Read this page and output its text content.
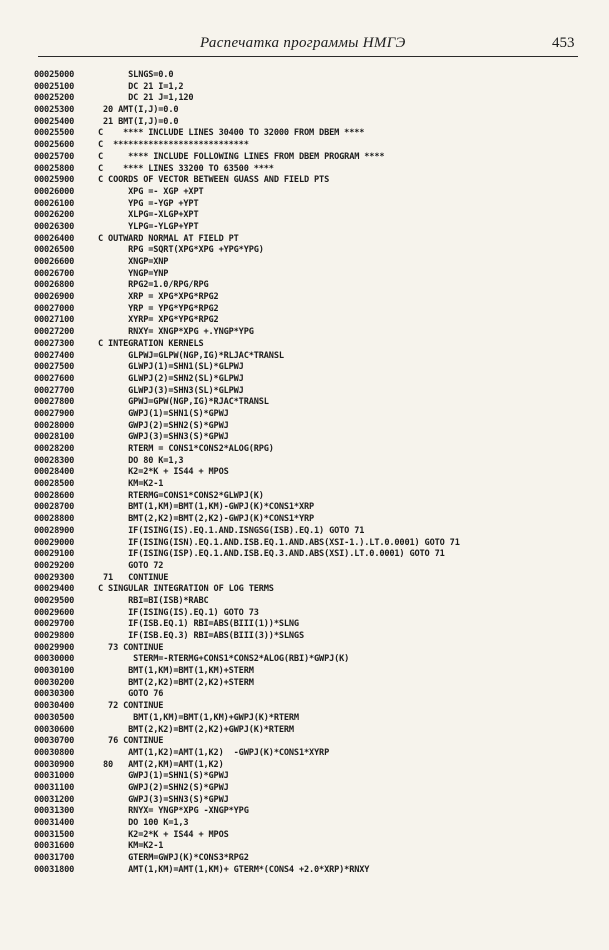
Распечатка программы НМГЭ	453
00025000	SLNGS=0.0
00025100	DC 21 I=1,2
00025200	DC 21 J=1,120
00025300	20 AMT(I,J)=0.0
00025400	21 BMT(I,J)=0.0
00025500	C    **** INCLUDE LINES 30400 TO 32000 FROM DBEM ****
00025600	C  ***************************
00025700	C     **** INCLUDE FOLLOWING LINES FROM DBEM PROGRAM ****
00025800	C    **** LINES 33200 TO 63500 ****
00025900	C COORDS OF VECTOR BETWEEN GUASS AND FIELD PTS
00026000	XPG =- XGP +XPT
00026100	YPG =-YGP +YPT
00026200	XLPG=-XLGP+XPT
00026300	YLPG=-YLGP+YPT
00026400	C OUTWARD NORMAL AT FIELD PT
00026500	RPG =SQRT(XPG*XPG +YPG*YPG)
00026600	XNGP=XNP
00026700	YNGP=YNP
00026800	RPG2=1.0/RPG/RPG
00026900	XRP = XPG*XPG*RPG2
00027000	YRP = YPG*YPG*RPG2
00027100	XYRP= XPG*YPG*RPG2
00027200	RNXY= XNGP*XPG +.YNGP*YPG
00027300	C INTEGRATION KERNELS
00027400	GLPWJ=GLPW(NGP,IG)*RLJAC*TRANSL
00027500	GLWPJ(1)=SHN1(SL)*GLPWJ
00027600	GLWPJ(2)=SHN2(SL)*GLPWJ
00027700	GLWPJ(3)=SHN3(SL)*GLPWJ
00027800	GPWJ=GPW(NGP,IG)*RJAC*TRANSL
00027900	GWPJ(1)=SHN1(S)*GPWJ
00028000	GWPJ(2)=SHN2(S)*GPWJ
00028100	GWPJ(3)=SHN3(S)*GPWJ
00028200	RTERM = CONS1*CONS2*ALOG(RPG)
00028300	DO 80 K=1,3
00028400	K2=2*K + IS44 + MPOS
00028500	KM=K2-1
00028600	RTERMG=CONS1*CONS2*GLWPJ(K)
00028700	BMT(1,KM)=BMT(1,KM)-GWPJ(K)*CONS1*XRP
00028800	BMT(2,K2)=BMT(2,K2)-GWPJ(K)*CONS1*YRP
00028900	IF(ISING(IS).EQ.1.AND.ISNGSG(ISB).EQ.1) GOTO 71
00029000	IF(ISING(ISN).EQ.1.AND.ISB.EQ.1.AND.ABS(XSI-1.).LT.0.0001) GOTO 71
00029100	IF(ISING(ISP).EQ.1.AND.ISB.EQ.3.AND.ABS(XSI).LT.0.0001) GOTO 71
00029200	GOTO 72
00029300	71   CONTINUE
00029400	C SINGULAR INTEGRATION OF LOG TERMS
00029500	RBI=BI(ISB)*RABC
00029600	IF(ISING(IS).EQ.1) GOTO 73
00029700	IF(ISB.EQ.1) RBI=ABS(BIII(1))*SLNG
00029800	IF(ISB.EQ.3) RBI=ABS(BIII(3))*SLNGS
00029900	73 CONTINUE
00030000	STERM=-RTERMG+CONS1*CONS2*ALOG(RBI)*GWPJ(K)
00030100	BMT(1,KM)=BMT(1,KM)+STERM
00030200	BMT(2,K2)=BMT(2,K2)+STERM
00030300	GOTO 76
00030400	72 CONTINUE
00030500	BMT(1,KM)=BMT(1,KM)+GWPJ(K)*RTERM
00030600	BMT(2,K2)=BMT(2,K2)+GWPJ(K)*RTERM
00030700	76 CONTINUE
00030800	AMT(1,K2)=AMT(1,K2)  -GWPJ(K)*CONS1*XYRP
00030900	80   AMT(2,KM)=AMT(1,K2)
00031000	GWPJ(1)=SHN1(S)*GPWJ
00031100	GWPJ(2)=SHN2(S)*GPWJ
00031200	GWPJ(3)=SHN3(S)*GPWJ
00031300	RNYX= YNGP*XPG -XNGP*YPG
00031400	DO 100 K=1,3
00031500	K2=2*K + IS44 + MPOS
00031600	KM=K2-1
00031700	GTERM=GWPJ(K)*CONS3*RPG2
00031800	AMT(1,KM)=AMT(1,KM)+ GTERM*(CONS4 +2.0*XRP)*RNXY
